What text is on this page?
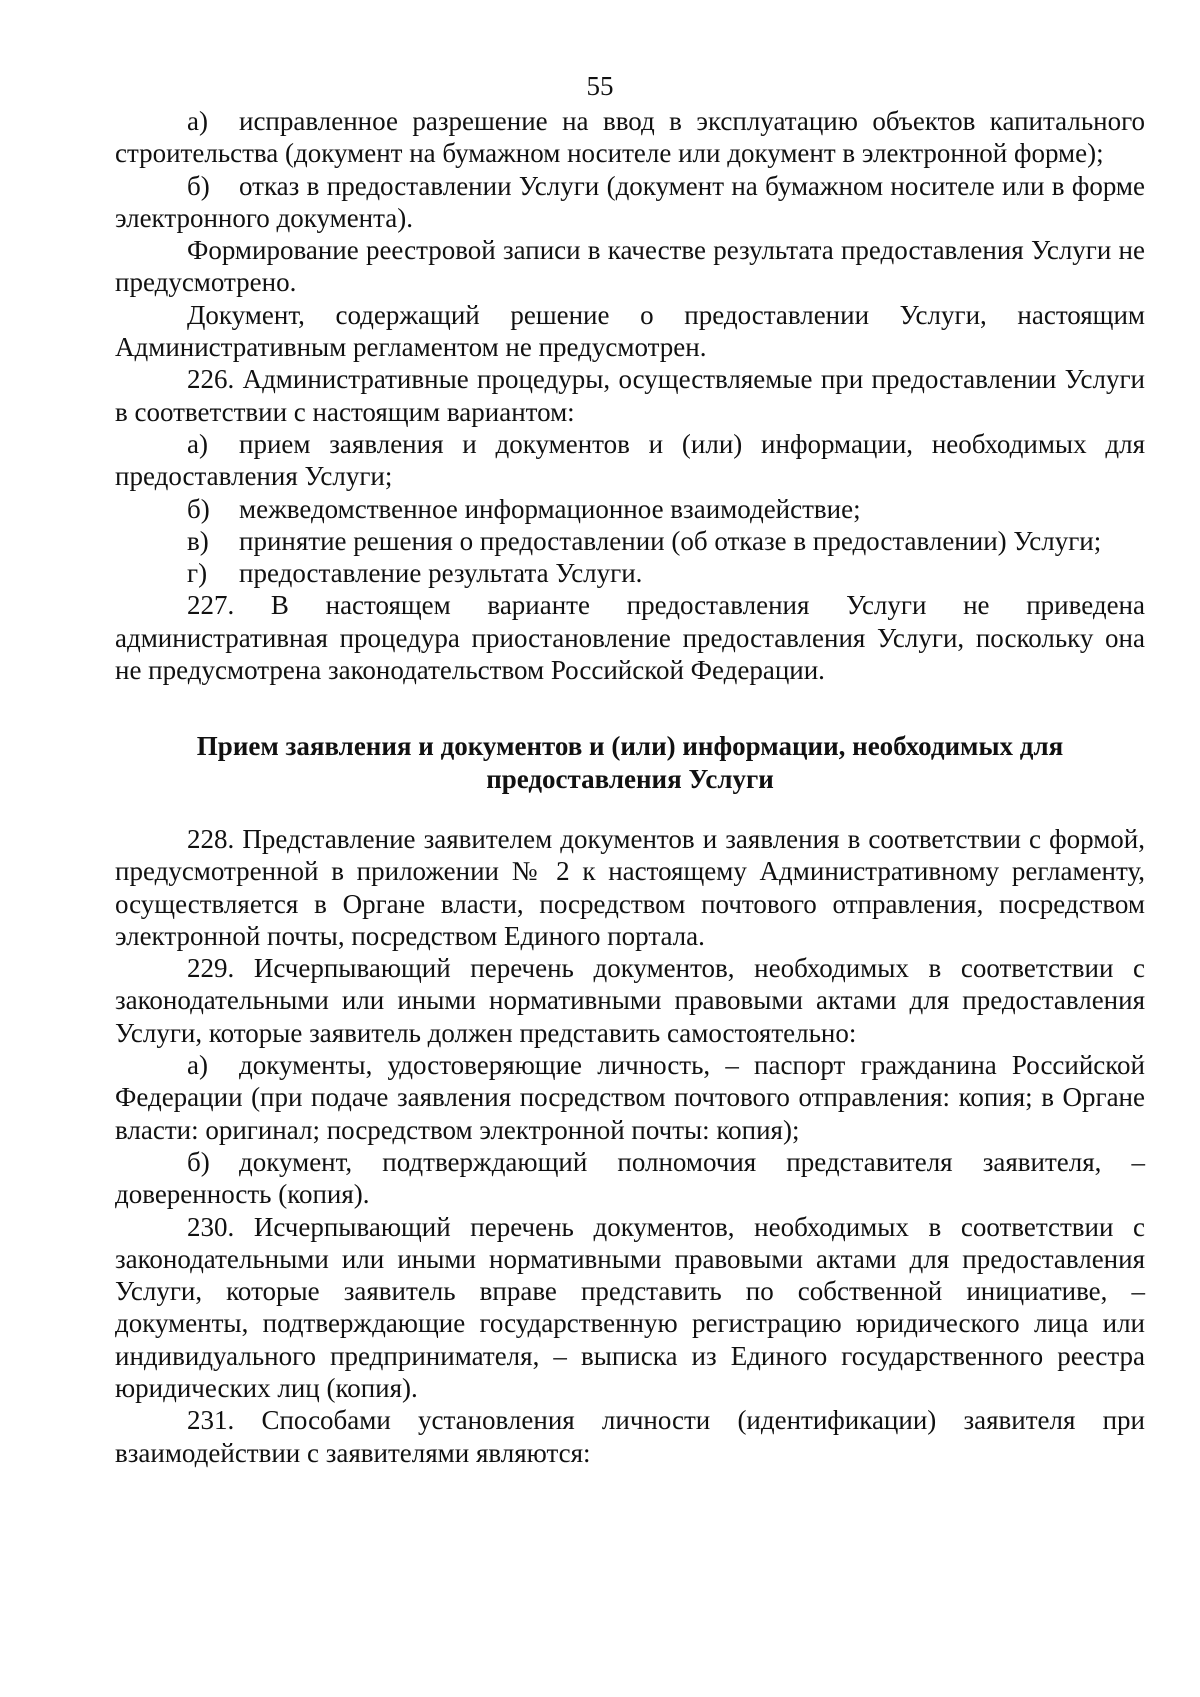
55

а) исправленное разрешение на ввод в эксплуатацию объектов капитального строительства (документ на бумажном носителе или документ в электронной форме);

б) отказ в предоставлении Услуги (документ на бумажном носителе или в форме электронного документа).

Формирование реестровой записи в качестве результата предоставления Услуги не предусмотрено.

Документ, содержащий решение о предоставлении Услуги, настоящим Административным регламентом не предусмотрен.

226. Административные процедуры, осуществляемые при предоставлении Услуги в соответствии с настоящим вариантом:

а) прием заявления и документов и (или) информации, необходимых для предоставления Услуги;

б) межведомственное информационное взаимодействие;

в) принятие решения о предоставлении (об отказе в предоставлении) Услуги;

г) предоставление результата Услуги.

227. В настоящем варианте предоставления Услуги не приведена административная процедура приостановление предоставления Услуги, поскольку она не предусмотрена законодательством Российской Федерации.

Прием заявления и документов и (или) информации, необходимых для предоставления Услуги

228. Представление заявителем документов и заявления в соответствии с формой, предусмотренной в приложении № 2 к настоящему Административному регламенту, осуществляется в Органе власти, посредством почтового отправления, посредством электронной почты, посредством Единого портала.

229. Исчерпывающий перечень документов, необходимых в соответствии с законодательными или иными нормативными правовыми актами для предоставления Услуги, которые заявитель должен представить самостоятельно:

а) документы, удостоверяющие личность, – паспорт гражданина Российской Федерации (при подаче заявления посредством почтового отправления: копия; в Органе власти: оригинал; посредством электронной почты: копия);

б) документ, подтверждающий полномочия представителя заявителя, – доверенность (копия).

230. Исчерпывающий перечень документов, необходимых в соответствии с законодательными или иными нормативными правовыми актами для предоставления Услуги, которые заявитель вправе представить по собственной инициативе, – документы, подтверждающие государственную регистрацию юридического лица или индивидуального предпринимателя, – выписка из Единого государственного реестра юридических лиц (копия).

231. Способами установления личности (идентификации) заявителя при взаимодействии с заявителями являются:
